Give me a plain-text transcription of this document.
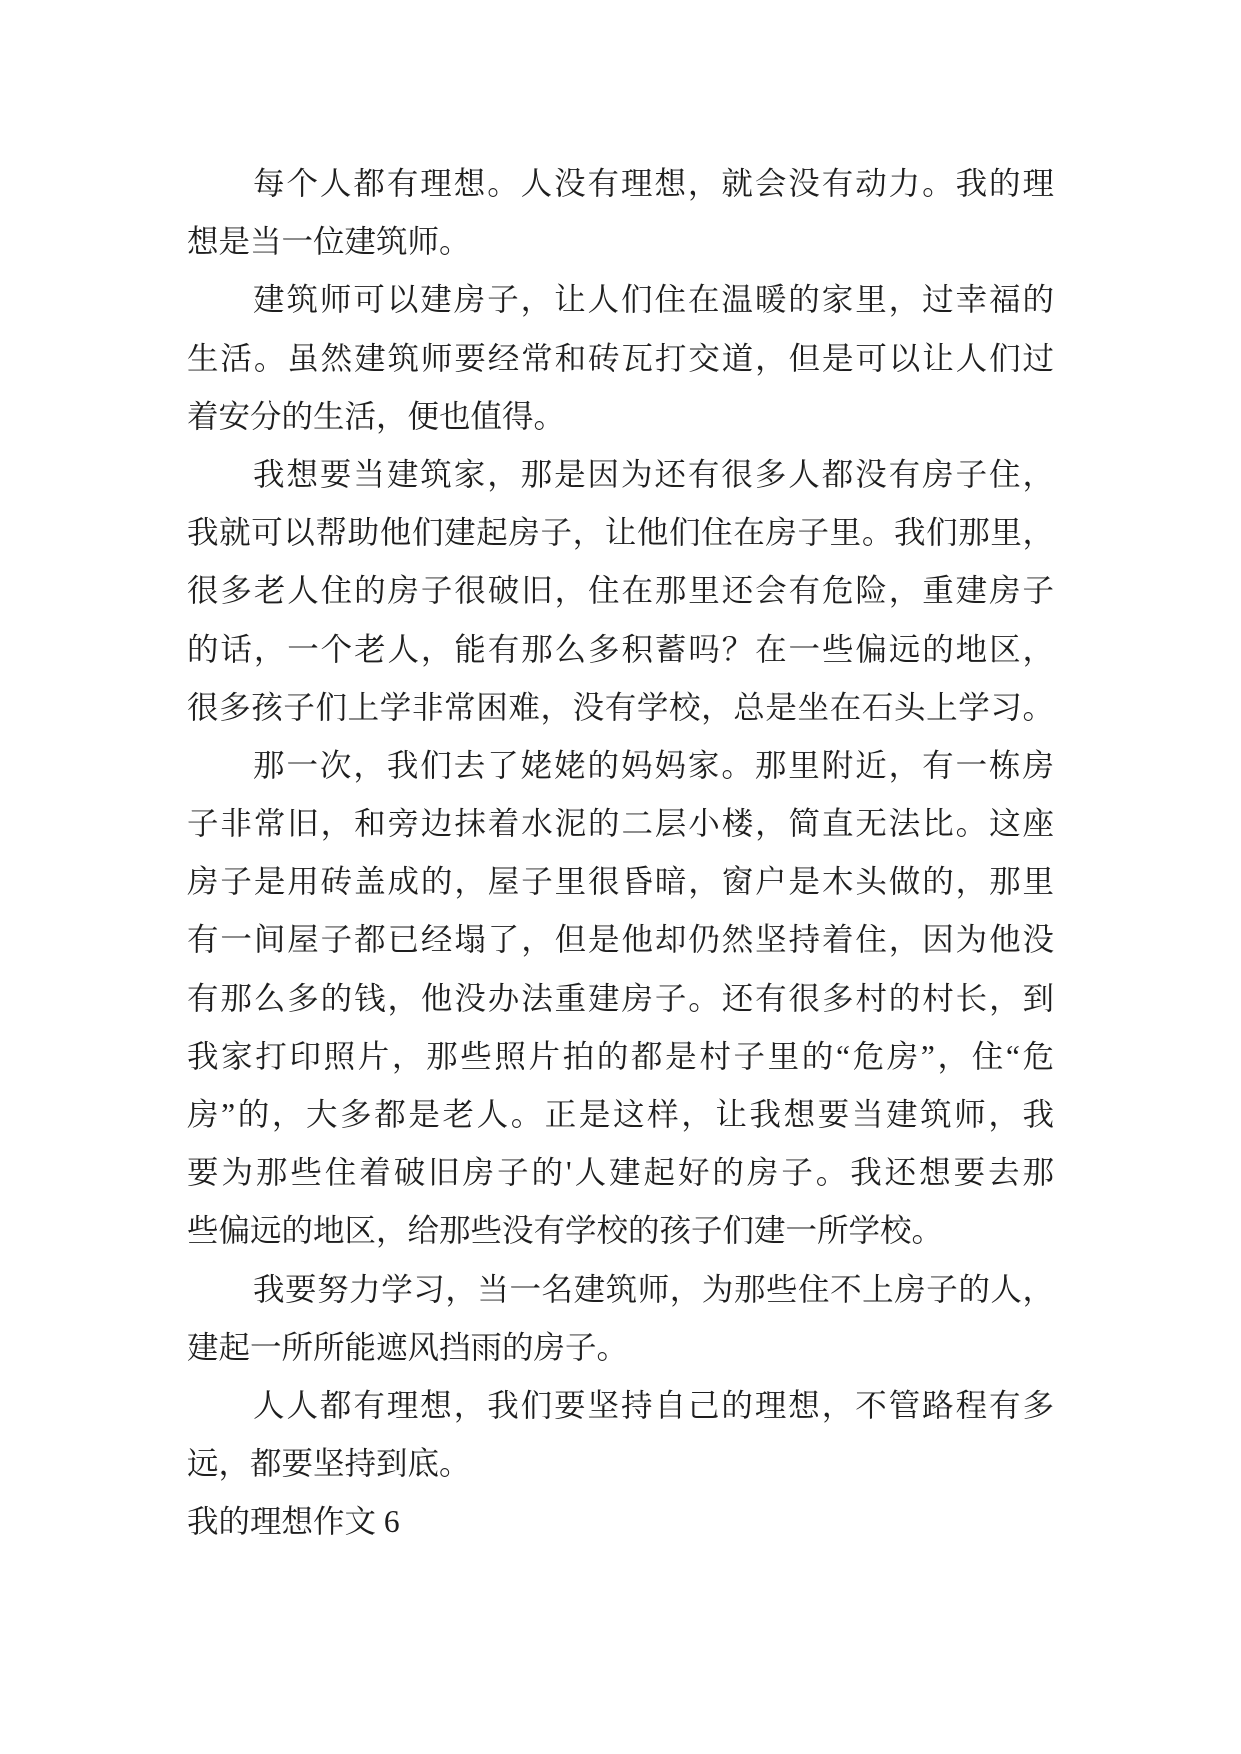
每个人都有理想。人没有理想，就会没有动力。我的理
想是当一位建筑师。
建筑师可以建房子，让人们住在温暖的家里，过幸福的
生活。虽然建筑师要经常和砖瓦打交道，但是可以让人们过
着安分的生活，便也值得。
我想要当建筑家，那是因为还有很多人都没有房子住，
我就可以帮助他们建起房子，让他们住在房子里。我们那里，
很多老人住的房子很破旧，住在那里还会有危险，重建房子
的话，一个老人，能有那么多积蓄吗？在一些偏远的地区，
很多孩子们上学非常困难，没有学校，总是坐在石头上学习。
那一次，我们去了姥姥的妈妈家。那里附近，有一栋房
子非常旧，和旁边抹着水泥的二层小楼，简直无法比。这座
房子是用砖盖成的，屋子里很昏暗，窗户是木头做的，那里
有一间屋子都已经塌了，但是他却仍然坚持着住，因为他没
有那么多的钱，他没办法重建房子。还有很多村的村长，到
我家打印照片，那些照片拍的都是村子里的“危房”，住“危
房”的，大多都是老人。正是这样，让我想要当建筑师，我
要为那些住着破旧房子的'人建起好的房子。我还想要去那
些偏远的地区，给那些没有学校的孩子们建一所学校。
我要努力学习，当一名建筑师，为那些住不上房子的人，
建起一所所能遮风挡雨的房子。
人人都有理想，我们要坚持自己的理想，不管路程有多
远，都要坚持到底。
我的理想作文 6
